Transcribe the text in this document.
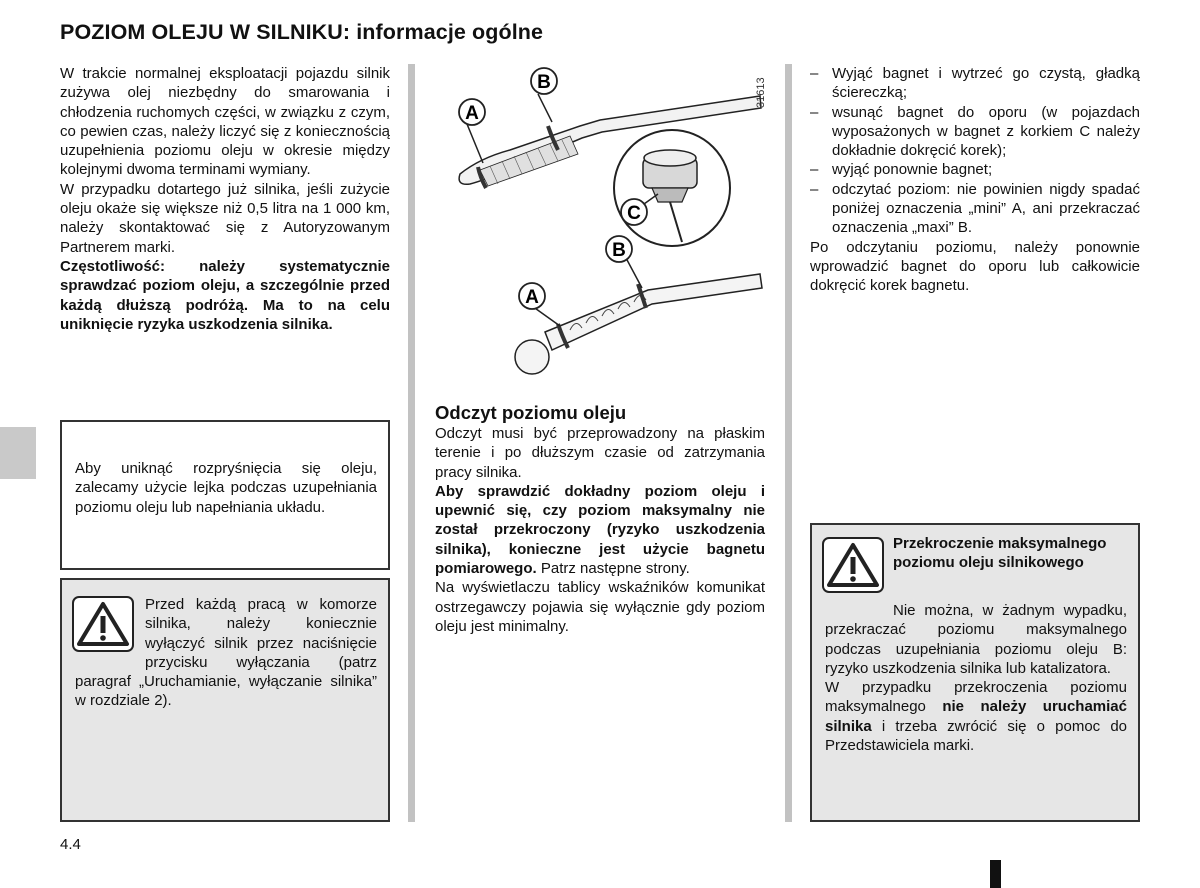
POZIOM OLEJU W SILNIKU: informacje ogólne

W trakcie normalnej eksploatacji pojazdu silnik zużywa olej niezbędny do smarowania i chłodzenia ruchomych części, w związku z czym, co pewien czas, należy liczyć się z koniecznością uzupełnienia poziomu oleju w okresie między kolejnymi dwoma terminami wymiany.

W przypadku dotartego już silnika, jeśli zużycie oleju okaże się większe niż 0,5 litra na 1 000 km, należy skontaktować się z Autoryzowanym Partnerem marki.

Częstotliwość: należy systematycznie sprawdzać poziom oleju, a szczególnie przed każdą dłuższą podróżą. Ma to na celu uniknięcie ryzyka uszkodzenia silnika.

Aby uniknąć rozpryśnięcia się oleju, zalecamy użycie lejka podczas uzupełniania poziomu oleju lub napełniania układu.
Przed każdą pracą w komorze silnika, należy koniecznie wyłączyć silnik przez naciśnięcie przycisku wyłączania (patrz paragraf „Uruchamianie, wyłączanie silnika” w rozdziale 2).
A
B
C
A
B
31613
Odczyt poziomu oleju

Odczyt musi być przeprowadzony na płaskim terenie i po dłuższym czasie od zatrzymania pracy silnika.

Aby sprawdzić dokładny poziom oleju i upewnić się, czy poziom maksymalny nie został przekroczony (ryzyko uszkodzenia silnika), konieczne jest użycie bagnetu pomiarowego. Patrz następne strony.

Na wyświetlaczu tablicy wskaźników komunikat ostrzegawczy pojawia się wyłącznie gdy poziom oleju jest minimalny.

– Wyjąć bagnet i wytrzeć go czystą, gładką ściereczką;
– wsunąć bagnet do oporu (w pojazdach wyposażonych w bagnet z korkiem C należy dokładnie dokręcić korek);
– wyjąć ponownie bagnet;
– odczytać poziom: nie powinien nigdy spadać poniżej oznaczenia „mini” A, ani przekraczać oznaczenia „maxi” B.

Po odczytaniu poziomu, należy ponownie wprowadzić bagnet do oporu lub całkowicie dokręcić korek bagnetu.

Przekroczenie maksymalnego poziomu oleju silnikowego

Nie można, w żadnym wypadku, przekraczać poziomu maksymalnego podczas uzupełniania poziomu oleju B: ryzyko uszkodzenia silnika lub katalizatora.

W przypadku przekroczenia poziomu maksymalnego nie należy uruchamiać silnika i trzeba zwrócić się o pomoc do Przedstawiciela marki.

4.4
